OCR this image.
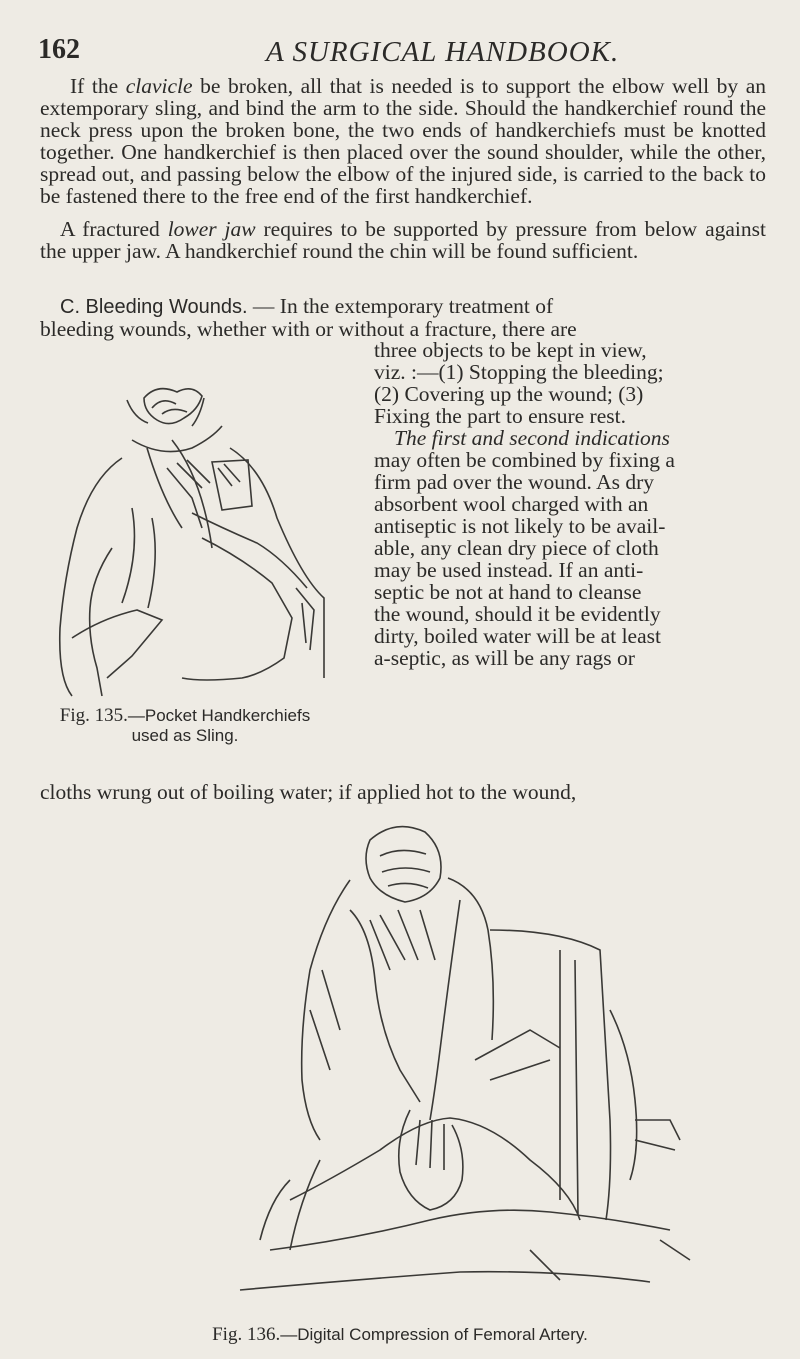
162	A SURGICAL HANDBOOK.

If the clavicle be broken, all that is needed is to support the elbow well by an extemporary sling, and bind the arm to the side. Should the handkerchief round the neck press upon the broken bone, the two ends of handkerchiefs must be knotted together. One handkerchief is then placed over the sound shoulder, while the other, spread out, and passing below the elbow of the injured side, is carried to the back to be fastened there to the free end of the first handkerchief.

A fractured lower jaw requires to be supported by pressure from below against the upper jaw. A handkerchief round the chin will be found sufficient.

C. Bleeding Wounds. — In the extemporary treatment of
bleeding wounds, whether with or without a fracture, there are
three objects to be kept in view,
viz. :—(1) Stopping the bleeding;
(2) Covering up the wound; (3)
Fixing the part to ensure rest.
The first and second indications
may often be combined by fixing a
firm pad over the wound. As dry
absorbent wool charged with an
antiseptic is not likely to be avail-
able, any clean dry piece of cloth
may be used instead. If an anti-
septic be not at hand to cleanse
the wound, should it be evidently
dirty, boiled water will be at least
a-septic, as will be any rags or
cloths wrung out of boiling water; if applied hot to the wound,
Fig. 135.—Pocket Handkerchiefs used as Sling.
Fig. 136.—Digital Compression of Femoral Artery.
